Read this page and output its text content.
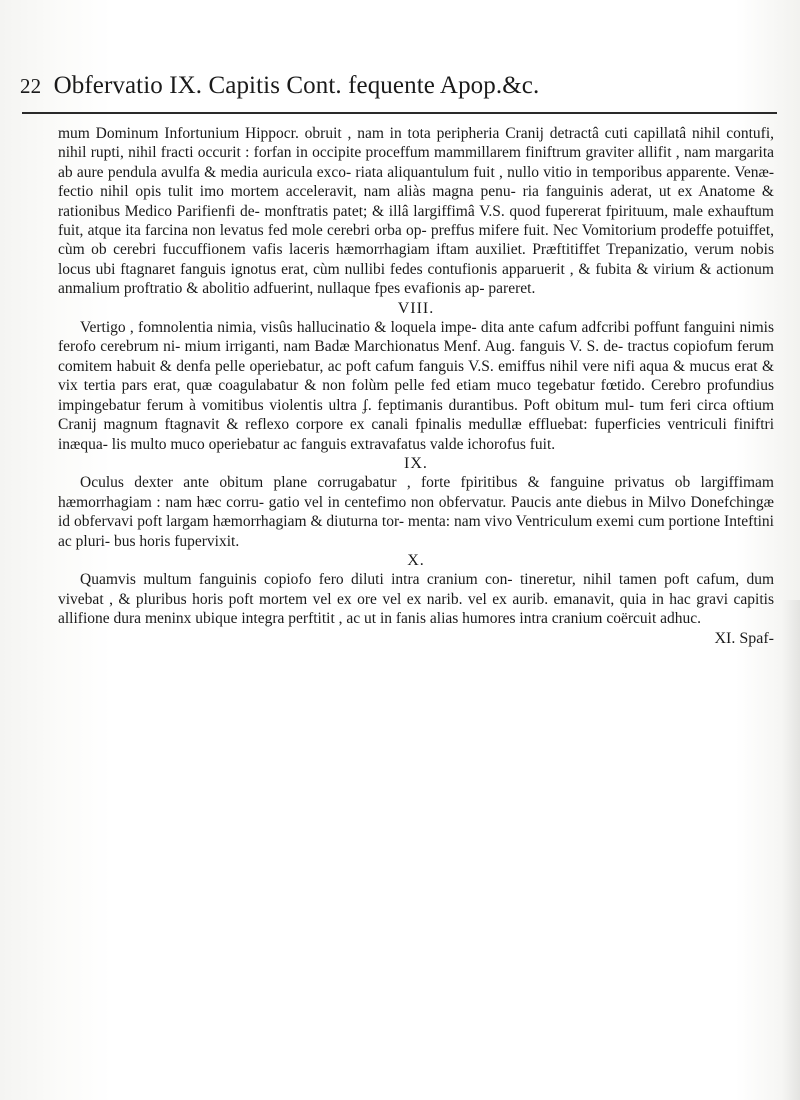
22 Obfervatio IX. Capitis Cont. fequente Apop.&c.

mum Dominum Infortunium Hippocr. obruit , nam in tota peripheria Cranij detractâ cuti capillatâ nihil contufi, nihil rupti, nihil fracti occurit : forfan in occipite proceffum mammillarem finiftrum graviter allifit , nam margarita ab aure pendula avulfa & media auricula exco- riata aliquantulum fuit , nullo vitio in temporibus apparente. Venæ- fectio nihil opis tulit imo mortem acceleravit, nam aliàs magna penu- ria fanguinis aderat, ut ex Anatome & rationibus Medico Parifienfi de- monftratis patet; & illâ largiffimâ V.S. quod fupererat fpirituum, male exhauftum fuit, atque ita farcina non levatus fed mole cerebri orba op- preffus mifere fuit. Nec Vomitorium prodeffe potuiffet, cùm ob cerebri fuccuffionem vafis laceris hæmorrhagiam iftam auxiliet. Præftitiffet Trepanizatio, verum nobis locus ubi ftagnaret fanguis ignotus erat, cùm nullibi fedes contufionis apparuerit , & fubita & virium & actionum anmalium proftratio & abolitio adfuerint, nullaque fpes evafionis ap- pareret.

VIII.

Vertigo , fomnolentia nimia, visûs hallucinatio & loquela impe- dita ante cafum adfcribi poffunt fanguini nimis ferofo cerebrum ni- mium irriganti, nam Badæ Marchionatus Menf. Aug. fanguis V. S. de- tractus copiofum ferum comitem habuit & denfa pelle operiebatur, ac poft cafum fanguis V.S. emiffus nihil vere nifi aqua & mucus erat & vix tertia pars erat, quæ coagulabatur & non folùm pelle fed etiam muco tegebatur fœtido. Cerebro profundius impingebatur ferum à vomitibus violentis ultra ʄ. feptimanis durantibus. Poft obitum mul- tum feri circa oftium Cranij magnum ftagnavit & reflexo corpore ex canali fpinalis medullæ effluebat: fuperficies ventriculi finiftri inæqua- lis multo muco operiebatur ac fanguis extravafatus valde ichorofus fuit.

IX.

Oculus dexter ante obitum plane corrugabatur , forte fpiritibus & fanguine privatus ob largiffimam hæmorrhagiam : nam hæc corru- gatio vel in centefimo non obfervatur. Paucis ante diebus in Milvo Donefchingæ id obfervavi poft largam hæmorrhagiam & diuturna tor- menta: nam vivo Ventriculum exemi cum portione Inteftini ac pluri- bus horis fupervixit.

X.

Quamvis multum fanguinis copiofo fero diluti intra cranium con- tineretur, nihil tamen poft cafum, dum vivebat , & pluribus horis poft mortem vel ex ore vel ex narib. vel ex aurib. emanavit, quia in hac gravi capitis allifione dura meninx ubique integra perftitit , ac ut in fanis alias humores intra cranium coërcuit adhuc.

XI. Spaf-
